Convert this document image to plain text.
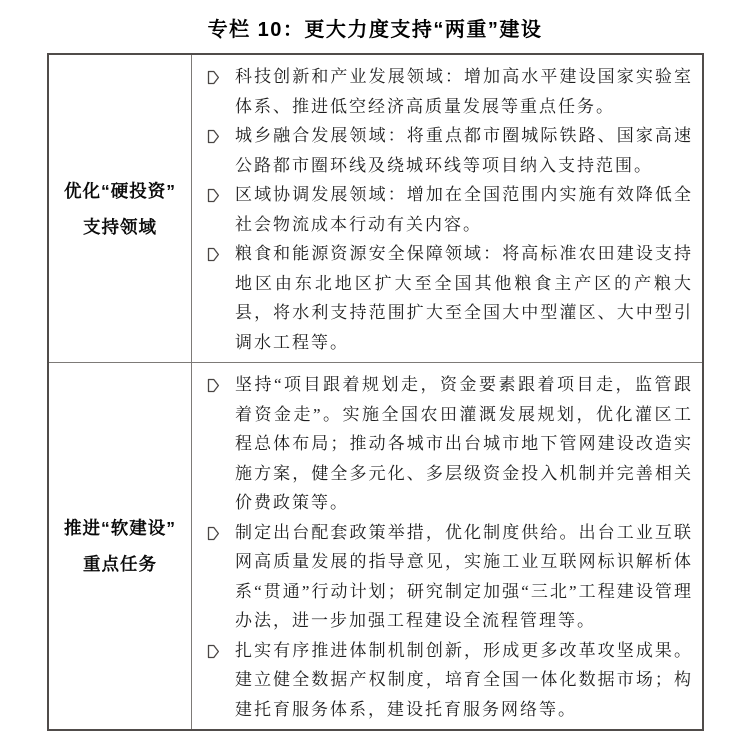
专栏 10：更大力度支持“两重”建设
优化“硬投资”
支持领域
科技创新和产业发展领域：增加高水平建设国家实验室体系、推进低空经济高质量发展等重点任务。
城乡融合发展领域：将重点都市圈城际铁路、国家高速公路都市圈环线及绕城环线等项目纳入支持范围。
区域协调发展领域：增加在全国范围内实施有效降低全社会物流成本行动有关内容。
粮食和能源资源安全保障领域：将高标准农田建设支持地区由东北地区扩大至全国其他粮食主产区的产粮大县，将水利支持范围扩大至全国大中型灌区、大中型引调水工程等。
推进“软建设”
重点任务
坚持“项目跟着规划走，资金要素跟着项目走，监管跟着资金走”。实施全国农田灌溉发展规划，优化灌区工程总体布局；推动各城市出台城市地下管网建设改造实施方案，健全多元化、多层级资金投入机制并完善相关价费政策等。
制定出台配套政策举措，优化制度供给。出台工业互联网高质量发展的指导意见，实施工业互联网标识解析体系“贯通”行动计划；研究制定加强“三北”工程建设管理办法，进一步加强工程建设全流程管理等。
扎实有序推进体制机制创新，形成更多改革攻坚成果。建立健全数据产权制度，培育全国一体化数据市场；构建托育服务体系，建设托育服务网络等。
